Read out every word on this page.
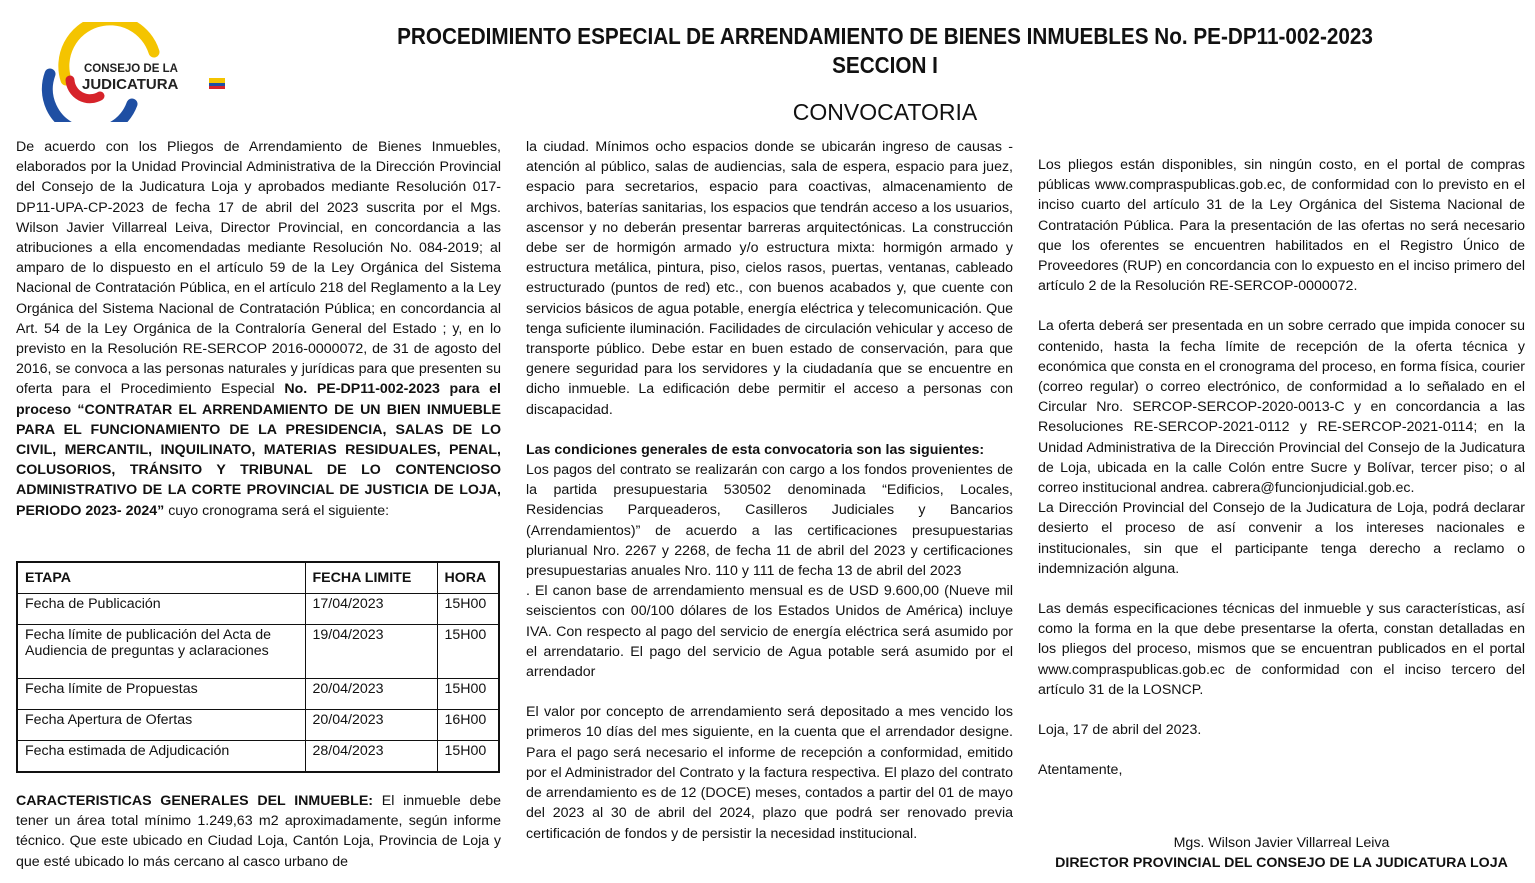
CONSEJO DE LA
JUDICATURA
PROCEDIMIENTO ESPECIAL DE ARRENDAMIENTO DE BIENES INMUEBLES No. PE-DP11-002-2023
SECCION I
CONVOCATORIA

De acuerdo con los Pliegos de Arrendamiento de Bienes Inmuebles, elaborados por la Unidad Provincial Administrativa de la Dirección Provincial del Consejo de la Judicatura Loja y aprobados mediante Resolución 017-DP11-UPA-CP-2023 de fecha 17 de abril del 2023 suscrita por el Mgs. Wilson Javier Villarreal Leiva, Director Provincial, en concordancia a las atribuciones a ella encomendadas mediante Resolución No. 084-2019; al amparo de lo dispuesto en el artículo 59 de la Ley Orgánica del Sistema Nacional de Contratación Pública, en el artículo 218 del Reglamento a la Ley Orgánica del Sistema Nacional de Contratación Pública; en concordancia al Art. 54 de la Ley Orgánica de la Contraloría General del Estado ; y, en lo previsto en la Resolución RE-SERCOP 2016-0000072, de 31 de agosto del 2016, se convoca a las personas naturales y jurídicas para que presenten su oferta para el Procedimiento Especial No. PE-DP11-002-2023 para el proceso “CONTRATAR EL ARRENDAMIENTO DE UN BIEN INMUEBLE PARA EL FUNCIONAMIENTO DE LA PRESIDENCIA, SALAS DE LO CIVIL, MERCANTIL, INQUILINATO, MATERIAS RESIDUALES, PENAL, COLUSORIOS, TRÁNSITO Y TRIBUNAL DE LO CONTENCIOSO ADMINISTRATIVO DE LA CORTE PROVINCIAL DE JUSTICIA DE LOJA, PERIODO 2023- 2024” cuyo cronograma será el siguiente:

ETAPA	FECHA LIMITE	HORA
Fecha de Publicación	17/04/2023	15H00
Fecha límite de publicación del Acta de Audiencia de preguntas y aclaraciones	19/04/2023	15H00
Fecha límite de Propuestas	20/04/2023	15H00
Fecha Apertura de Ofertas	20/04/2023	16H00
Fecha estimada de Adjudicación	28/04/2023	15H00

CARACTERISTICAS GENERALES DEL INMUEBLE: El inmueble debe tener un área total mínimo 1.249,63 m2 aproximadamente, según informe técnico. Que este ubicado en Ciudad Loja, Cantón Loja, Provincia de Loja y que esté ubicado lo más cercano al casco urbano de

la ciudad. Mínimos ocho espacios donde se ubicarán ingreso de causas - atención al público, salas de audiencias, sala de espera, espacio para juez, espacio para secretarios, espacio para coactivas, almacenamiento de archivos, baterías sanitarias, los espacios que tendrán acceso a los usuarios, ascensor y no deberán presentar barreras arquitectónicas. La construcción debe ser de hormigón armado y/o estructura mixta: hormigón armado y estructura metálica, pintura, piso, cielos rasos, puertas, ventanas, cableado estructurado (puntos de red) etc., con buenos acabados y, que cuente con servicios básicos de agua potable, energía eléctrica y telecomunicación. Que tenga suficiente iluminación. Facilidades de circulación vehicular y acceso de transporte público. Debe estar en buen estado de conservación, para que genere seguridad para los servidores y la ciudadanía que se encuentre en dicho inmueble. La edificación debe permitir el acceso a personas con discapacidad.

Las condiciones generales de esta convocatoria son las siguientes:

Los pagos del contrato se realizarán con cargo a los fondos provenientes de la partida presupuestaria 530502 denominada “Edificios, Locales, Residencias Parqueaderos, Casilleros Judiciales y Bancarios (Arrendamientos)” de acuerdo a las certificaciones presupuestarias plurianual Nro. 2267 y 2268, de fecha 11 de abril del 2023 y certificaciones presupuestarias anuales Nro. 110 y 111 de fecha 13 de abril del 2023

. El canon base de arrendamiento mensual es de USD 9.600,00 (Nueve mil seiscientos con 00/100 dólares de los Estados Unidos de América) incluye IVA. Con respecto al pago del servicio de energía eléctrica será asumido por el arrendatario. El pago del servicio de Agua potable será asumido por el arrendador

El valor por concepto de arrendamiento será depositado a mes vencido los primeros 10 días del mes siguiente, en la cuenta que el arrendador designe. Para el pago será necesario el informe de recepción a conformidad, emitido por el Administrador del Contrato y la factura respectiva. El plazo del contrato de arrendamiento es de 12 (DOCE) meses, contados a partir del 01 de mayo del 2023 al 30 de abril del 2024, plazo que podrá ser renovado previa certificación de fondos y de persistir la necesidad institucional.

Los pliegos están disponibles, sin ningún costo, en el portal de compras públicas www.compraspublicas.gob.ec, de conformidad con lo previsto en el inciso cuarto del artículo 31 de la Ley Orgánica del Sistema Nacional de Contratación Pública. Para la presentación de las ofertas no será necesario que los oferentes se encuentren habilitados en el Registro Único de Proveedores (RUP) en concordancia con lo expuesto en el inciso primero del artículo 2 de la Resolución RE-SERCOP-0000072.

La oferta deberá ser presentada en un sobre cerrado que impida conocer su contenido, hasta la fecha límite de recepción de la oferta técnica y económica que consta en el cronograma del proceso, en forma física, courier (correo regular) o correo electrónico, de conformidad a lo señalado en el Circular Nro. SERCOP-SERCOP-2020-0013-C y en concordancia a las Resoluciones RE-SERCOP-2021-0112 y RE-SERCOP-2021-0114; en la Unidad Administrativa de la Dirección Provincial del Consejo de la Judicatura de Loja, ubicada en la calle Colón entre Sucre y Bolívar, tercer piso; o al correo institucional andrea. cabrera@funcionjudicial.gob.ec.

La Dirección Provincial del Consejo de la Judicatura de Loja, podrá declarar desierto el proceso de así convenir a los intereses nacionales e institucionales, sin que el participante tenga derecho a reclamo o indemnización alguna.

Las demás especificaciones técnicas del inmueble y sus características, así como la forma en la que debe presentarse la oferta, constan detalladas en los pliegos del proceso, mismos que se encuentran publicados en el portal www.compraspublicas.gob.ec de conformidad con el inciso tercero del artículo 31 de la LOSNCP.

Loja, 17 de abril del 2023.

Atentamente,

Mgs. Wilson Javier Villarreal Leiva
DIRECTOR PROVINCIAL DEL CONSEJO DE LA JUDICATURA LOJA
